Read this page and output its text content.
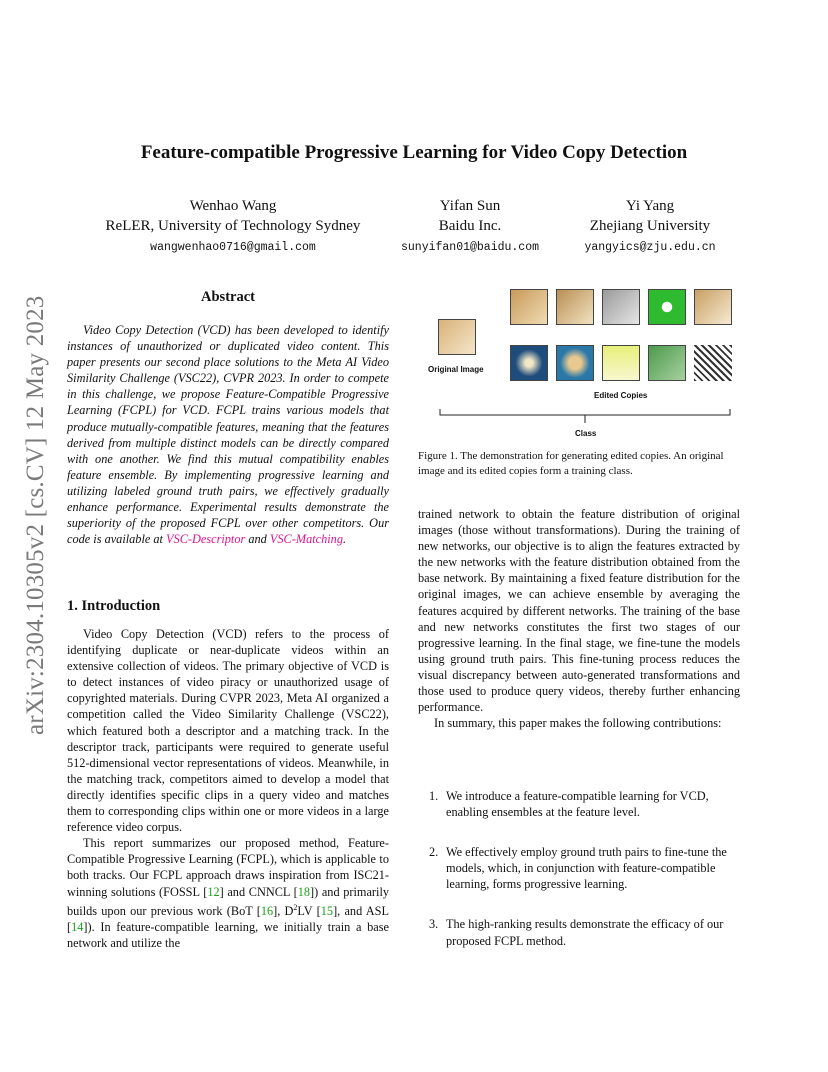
Feature-compatible Progressive Learning for Video Copy Detection
Wenhao Wang
ReLER, University of Technology Sydney
wangwenhao0716@gmail.com
Yifan Sun
Baidu Inc.
sunyifan01@baidu.com
Yi Yang
Zhejiang University
yangyics@zju.edu.cn
arXiv:2304.10305v2 [cs.CV] 12 May 2023	Abstract
Video Copy Detection (VCD) has been developed to identify instances of unauthorized or duplicated video content. This paper presents our second place solutions to the Meta AI Video Similarity Challenge (VSC22), CVPR 2023. In order to compete in this challenge, we propose Feature-Compatible Progressive Learning (FCPL) for VCD. FCPL trains various models that produce mutually-compatible features, meaning that the features derived from multiple distinct models can be directly compared with one another. We find this mutual compatibility enables feature ensemble. By implementing progressive learning and utilizing labeled ground truth pairs, we effectively gradually enhance performance. Experimental results demonstrate the superiority of the proposed FCPL over other competitors. Our code is available at VSC-Descriptor and VSC-Matching.
1. Introduction

Video Copy Detection (VCD) refers to the process of identifying duplicate or near-duplicate videos within an extensive collection of videos. The primary objective of VCD is to detect instances of video piracy or unauthorized usage of copyrighted materials. During CVPR 2023, Meta AI organized a competition called the Video Similarity Challenge (VSC22), which featured both a descriptor and a matching track. In the descriptor track, participants were required to generate useful 512-dimensional vector representations of videos. Meanwhile, in the matching track, competitors aimed to develop a model that directly identifies specific clips in a query video and matches them to corresponding clips within one or more videos in a large reference video corpus.

This report summarizes our proposed method, Feature-Compatible Progressive Learning (FCPL), which is applicable to both tracks. Our FCPL approach draws inspiration from ISC21-winning solutions (FOSSL [12] and CNNCL [18]) and primarily builds upon our previous work (BoT [16], $D^2LV$ [15], and ASL [14]). In feature-compatible learning, we initially train a base network and utilize the

Original Image
Edited Copies
Class
Figure 1. The demonstration for generating edited copies. An original image and its edited copies form a training class.

trained network to obtain the feature distribution of original images (those without transformations). During the training of new networks, our objective is to align the features extracted by the new networks with the feature distribution obtained from the base network. By maintaining a fixed feature distribution for the original images, we can achieve ensemble by averaging the features acquired by different networks. The training of the base and new networks constitutes the first two stages of our progressive learning. In the final stage, we fine-tune the models using ground truth pairs. This fine-tuning process reduces the visual discrepancy between auto-generated transformations and those used to produce query videos, thereby further enhancing performance.

In summary, this paper makes the following contributions:

1. We introduce a feature-compatible learning for VCD, enabling ensembles at the feature level.
2. We effectively employ ground truth pairs to fine-tune the models, which, in conjunction with feature-compatible learning, forms progressive learning.
3. The high-ranking results demonstrate the efficacy of our proposed FCPL method.
